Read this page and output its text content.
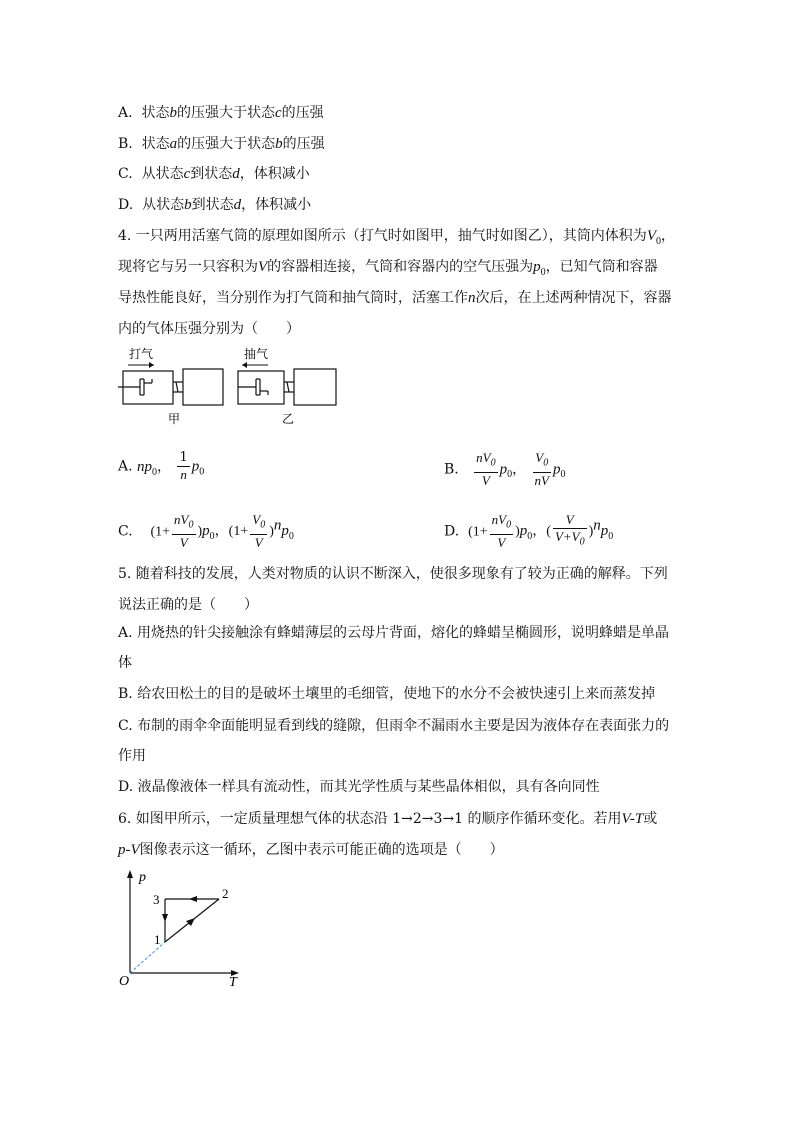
A. 状态b的压强大于状态c的压强
B. 状态a的压强大于状态b的压强
C. 从状态c到状态d，体积减小
D. 从状态b到状态d，体积减小
4. 一只两用活塞气筒的原理如图所示（打气时如图甲，抽气时如图乙），其筒内体积为$V_0$，
现将它与另一只容积为V的容器相连接，气筒和容器内的空气压强为$p_0$，已知气筒和容器
导热性能良好，当分别作为打气筒和抽气筒时，活塞工作n次后，在上述两种情况下，容器
内的气体压强分别为（　　）
打气
甲
抽气
乙
A. $np_0$， $\frac{1}{n} p_0$	B. $\frac{nV_0}{V} p_0$， $\frac{V_0}{nV} p_0$
C. $(1+ \frac{nV_0}{V} )p_0$，$(1+ \frac{V_0}{V} )^np_0$	D. $(1+ \frac{nV_0}{V} )p_0$，( $\frac{V}{V+V_0} )^np_0$
5. 随着科技的发展，人类对物质的认识不断深入，使很多现象有了较为正确的解释。下列
说法正确的是（　　）
A. 用烧热的针尖接触涂有蜂蜡薄层的云母片背面，熔化的蜂蜡呈椭圆形，说明蜂蜡是单晶
体
B. 给农田松土的目的是破坏土壤里的毛细管，使地下的水分不会被快速引上来而蒸发掉
C. 布制的雨伞伞面能明显看到线的缝隙，但雨伞不漏雨水主要是因为液体存在表面张力的
作用
D. 液晶像液体一样具有流动性，而其光学性质与某些晶体相似，具有各向同性
6. 如图甲所示，一定质量理想气体的状态沿 1→2→3→1 的顺序作循环变化。若用V-T或
p-V图像表示这一循环，乙图中表示可能正确的选项是（　　）
p
T
O
1
2
3
